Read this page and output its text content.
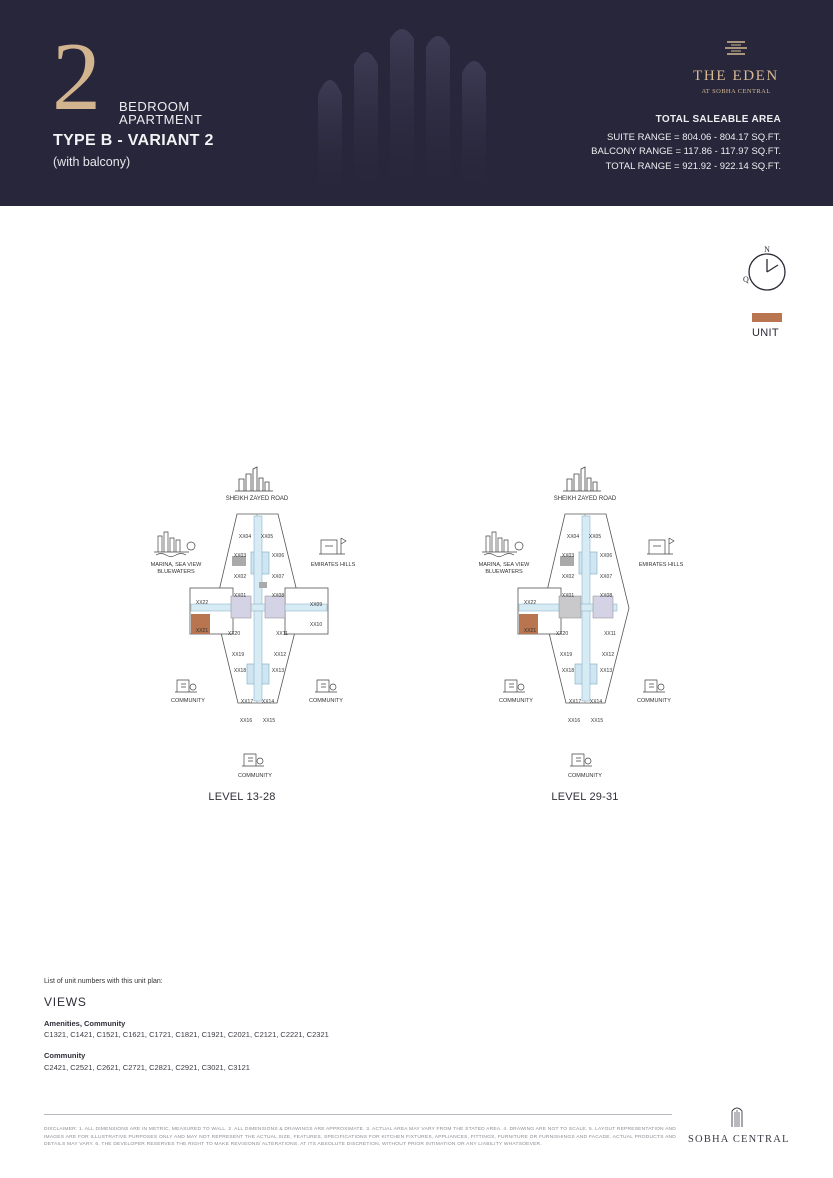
2 BEDROOM
APARTMENT
TYPE B - VARIANT 2
(with balcony)
THE EDEN
AT SOBHA CENTRAL
TOTAL SALEABLE AREA
SUITE RANGE = 804.06 - 804.17 SQ.FT.
BALCONY RANGE = 117.86 - 117.97 SQ.FT.
TOTAL RANGE = 921.92 - 922.14 SQ.FT.
N
Q
UNIT
SHEIKH ZAYED ROAD
XX04 XX05
XX03	XX06
XX02	XX07
XX01	XX08
XX22	XX09
XX21
XX10
XX20	XX11
XX19	XX12
XX18	XX13
XX17 XX14
XX16 XX15
MARINA, SEA VIEW
BLUEWATERS
EMIRATES HILLS
COMMUNITY	COMMUNITY
COMMUNITY
LEVEL 13-28
SHEIKH ZAYED ROAD
XX04 XX05
XX03	XX06
XX02	XX07
XX01	XX08
XX22
XX21	XX20	XX11
XX19	XX12
XX18	XX13
XX17 XX14
XX16 XX15
MARINA, SEA VIEW
BLUEWATERS
EMIRATES HILLS
COMMUNITY	COMMUNITY
COMMUNITY
LEVEL 29-31
List of unit numbers with this unit plan:
VIEWS
Amenities, Community
C1321, C1421, C1521, C1621, C1721, C1821, C1921, C2021, C2121, C2221, C2321
Community
C2421, C2521, C2621, C2721, C2821, C2921, C3021, C3121
DISCLAIMER: 1. ALL DIMENSIONS ARE IN METRIC, MEASURED TO WALL. 2. ALL DIMENSIONS & DRAWINGS ARE APPROXIMATE. 3. ACTUAL AREA MAY VARY FROM THE STATED AREA. 4. DRAWING ARE NOT TO SCALE. 5. LAYOUT REPRESENTATION AND IMAGES ARE FOR ILLUSTRATIVE PURPOSES ONLY AND MAY NOT REPRESENT THE ACTUAL SIZE, FEATURES, SPECIFICATIONS FOR KITCHEN FIXTURES, APPLIANCES, FITTINGS, FURNITURE OR FURNISHINGS AND FACADE. ACTUAL PRODUCTS AND DETAILS MAY VARY. 6. THE DEVELOPER RESERVES THE RIGHT TO MAKE REVISIONS/ ALTERATIONS, AT ITS ABSOLUTE DISCRETION, WITHOUT PRIOR INTIMATION OR ANY LIABILITY WHATSOEVER.	SOBHA CENTRAL
